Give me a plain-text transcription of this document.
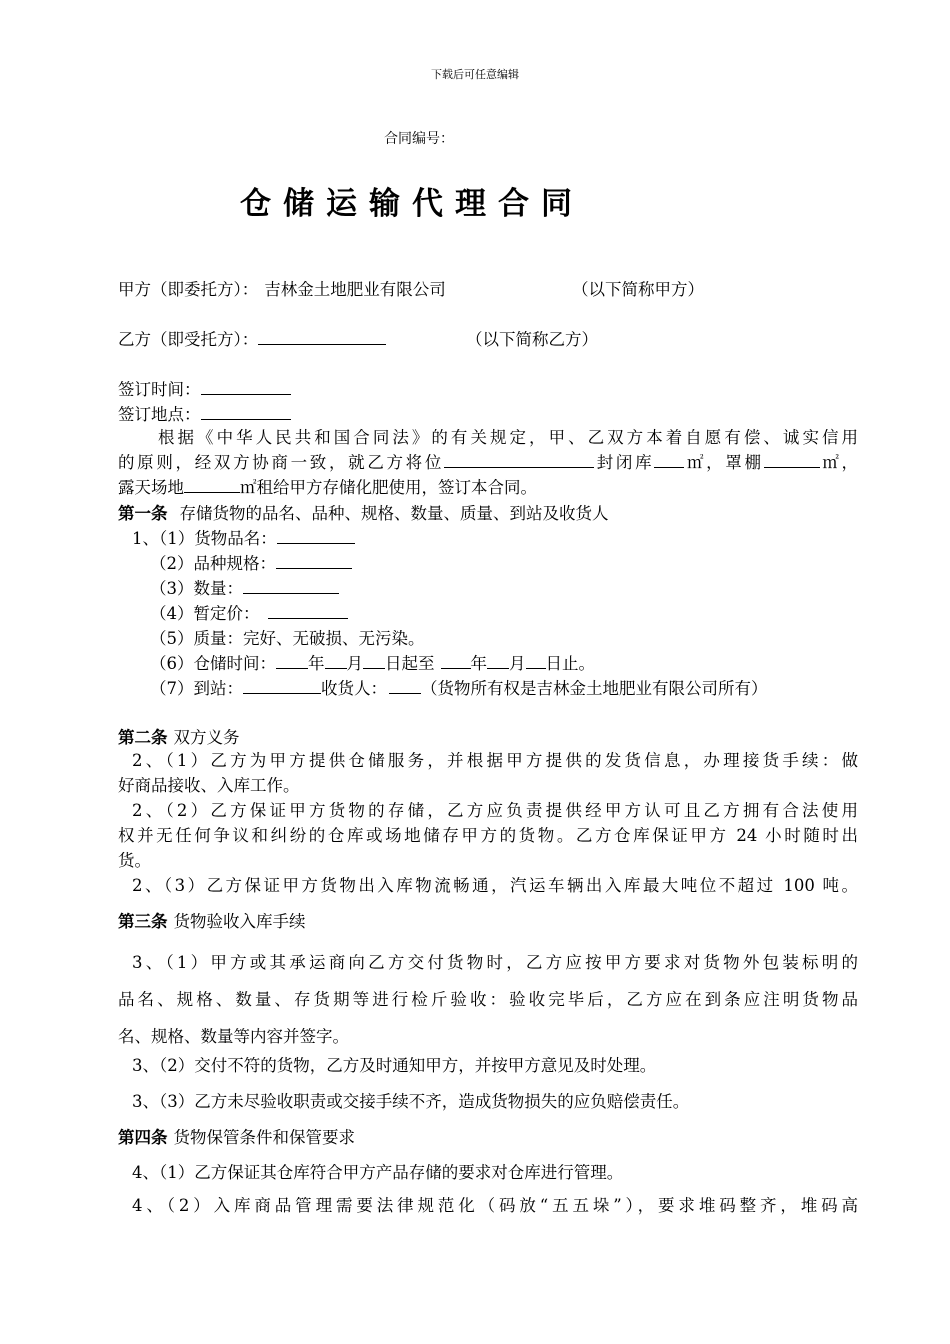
下载后可任意编辑
合同编号：
仓储运输代理合同
甲方（即委托方）： 吉林金土地肥业有限公司	（以下简称甲方）
乙方（即受托方）：	（以下简称乙方）
签订时间：
签订地点：
根据《中华人民共和国合同法》的有关规定，甲、乙双方本着自愿有偿、诚实信用
的原则，经双方协商一致，就乙方将位	封闭库 ㎡，罩棚	㎡，
露天场地	㎡租给甲方存储化肥使用，签订本合同。
第一条 存储货物的品名、品种、规格、数量、质量、到站及收货人
1、（1）货物品名：
（2）品种规格：
（3）数量：
（4）暂定价：
（5）质量：完好、无破损、无污染。
（6）仓储时间： 年 月 日起至 年 月 日止。
（7）到站：	收货人： （货物所有权是吉林金土地肥业有限公司所有）
第二条 双方义务
2、（1）乙方为甲方提供仓储服务，并根据甲方提供的发货信息，办理接货手续：做
好商品接收、入库工作。
2、（2）乙方保证甲方货物的存储，乙方应负责提供经甲方认可且乙方拥有合法使用
权并无任何争议和纠纷的仓库或场地储存甲方的货物。乙方仓库保证甲方 24 小时随时出
货。
2、（3）乙方保证甲方货物出入库物流畅通，汽运车辆出入库最大吨位不超过 100 吨。
第三条 货物验收入库手续
3、（1）甲方或其承运商向乙方交付货物时，乙方应按甲方要求对货物外包装标明的
品名、规格、数量、存货期等进行检斤验收：验收完毕后，乙方应在到条应注明货物品
名、规格、数量等内容并签字。
3、（2）交付不符的货物，乙方及时通知甲方，并按甲方意见及时处理。
3、（3）乙方未尽验收职责或交接手续不齐，造成货物损失的应负赔偿责任。
第四条 货物保管条件和保管要求
4、（1）乙方保证其仓库符合甲方产品存储的要求对仓库进行管理。
4、（2）入库商品管理需要法律规范化（码放“五五垛”），要求堆码整齐，堆码高
